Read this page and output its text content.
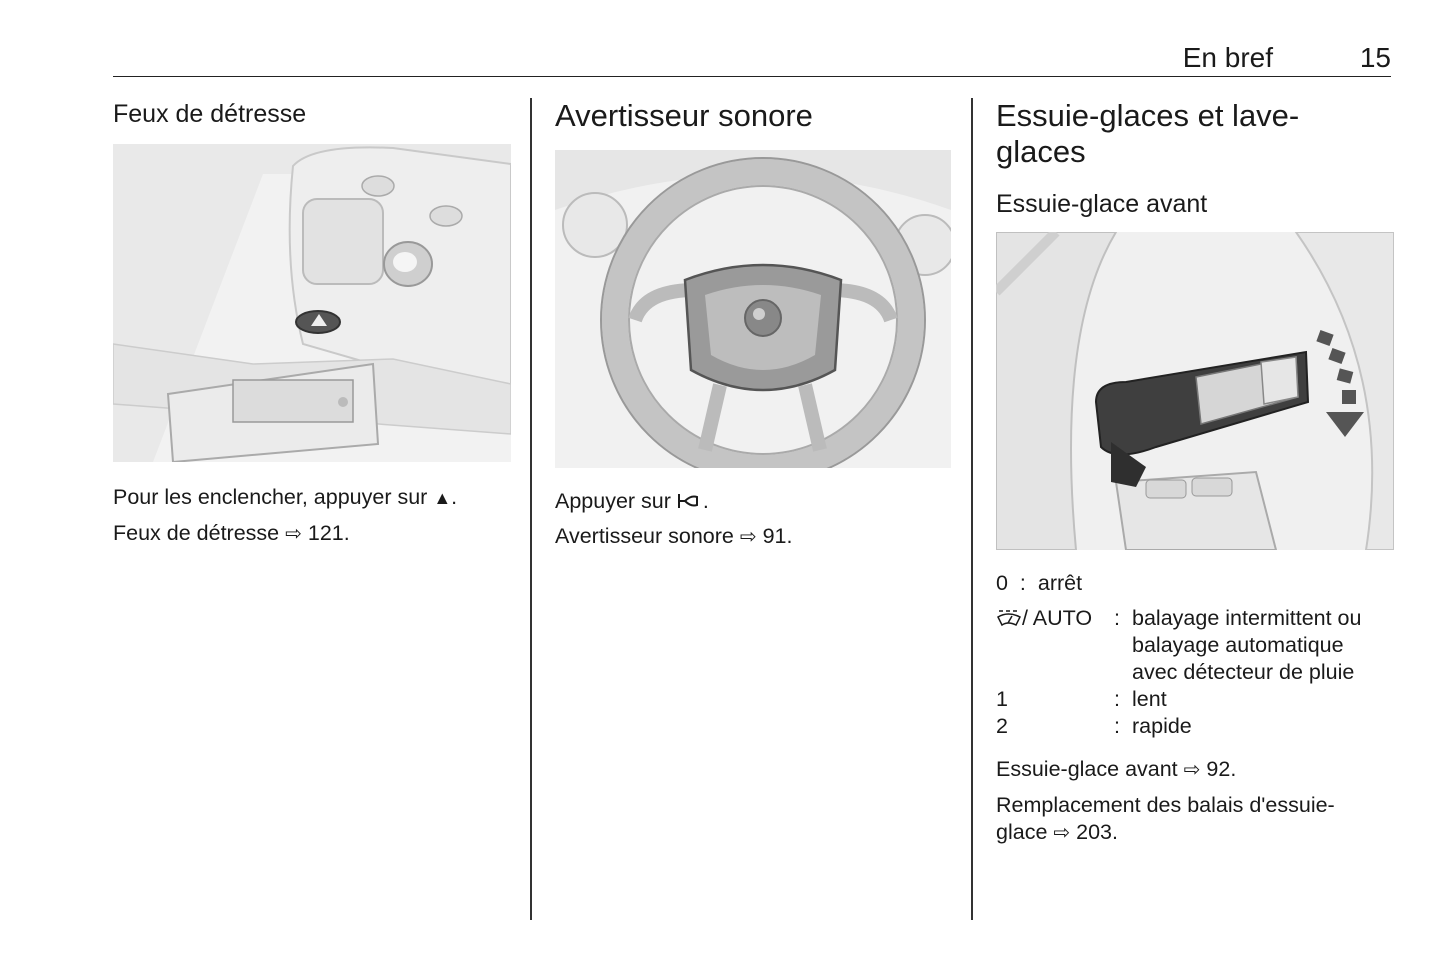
En bref	15
Feux de détresse

Pour les enclencher, appuyer sur ▲.

Feux de détresse ⇨ 121.

Avertisseur sonore

Appuyer sur .

Avertisseur sonore ⇨ 91.

Essuie-glaces et lave-glaces
Essuie-glace avant

0 : arrêt

/ AUTO	:	balayage intermittent ou balayage automatique avec détecteur de pluie
1	:	lent
2	:	rapide

Essuie-glace avant ⇨ 92.

Remplacement des balais d'essuie-glace ⇨ 203.
